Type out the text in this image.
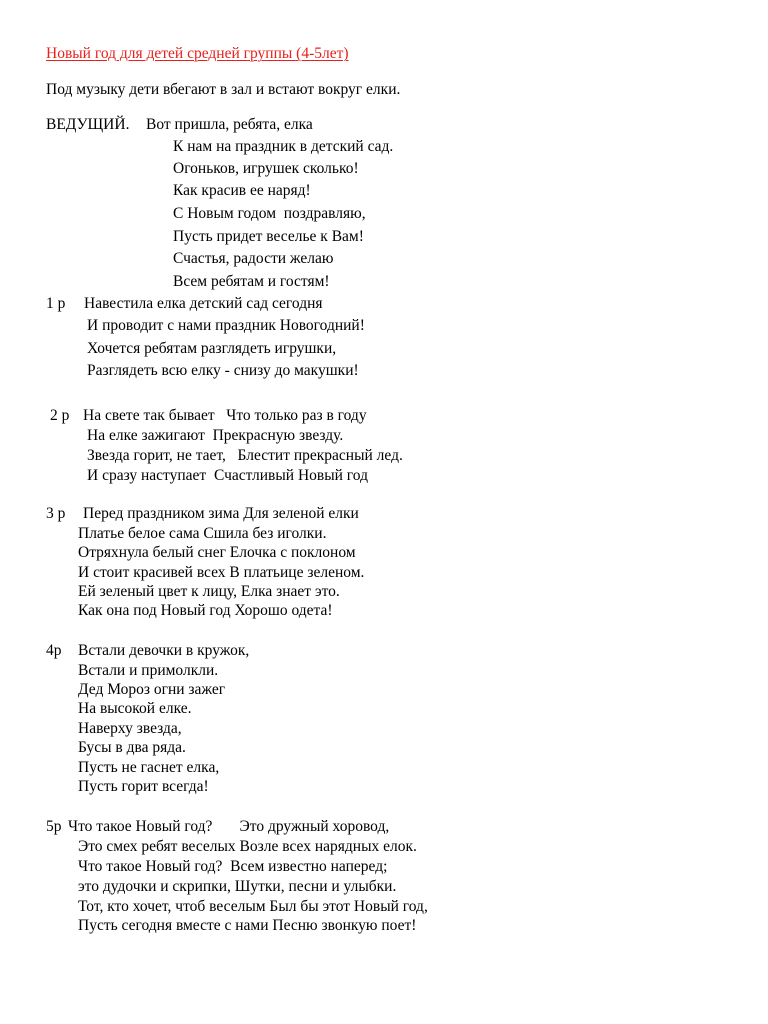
Новый год для детей средней группы (4-5лет)
Под музыку дети вбегают в зал и встают вокруг елки.
ВЕДУЩИЙ. Вот пришла, ребята, елка
К нам на праздник в детский сад.
Огоньков, игрушек сколько!
Как красив ее наряд!
С Новым годом  поздравляю,
Пусть придет веселье к Вам!
Счастья, радости желаю
Всем ребятам и гостям!
1 р Навестила елка детский сад сегодня
И проводит с нами праздник Новогодний!
Хочется ребятам разглядеть игрушки,
Разглядеть всю елку - снизу до макушки!
2 р На свете так бывает   Что только раз в году
На елке зажигают  Прекрасную звезду.
Звезда горит, не тает,   Блестит прекрасный лед.
И сразу наступает  Счастливый Новый год
3 р Перед праздником зима Для зеленой елки
Платье белое сама Сшила без иголки.
Отряхнула белый снег Елочка с поклоном
И стоит красивей всех В платьице зеленом.
Ей зеленый цвет к лицу, Елка знает это.
Как она под Новый год Хорошо одета!
4р Встали девочки в кружок,
Встали и примолкли.
Дед Мороз огни зажег
На высокой елке.
Наверху звезда,
Бусы в два ряда.
Пусть не гаснет елка,
Пусть горит всегда!
5р Что такое Новый год?       Это дружный хоровод,
Это смех ребят веселых Возле всех нарядных елок.
Что такое Новый год?  Всем известно наперед;
это дудочки и скрипки, Шутки, песни и улыбки.
Тот, кто хочет, чтоб веселым Был бы этот Новый год,
Пусть сегодня вместе с нами Песню звонкую поет!
